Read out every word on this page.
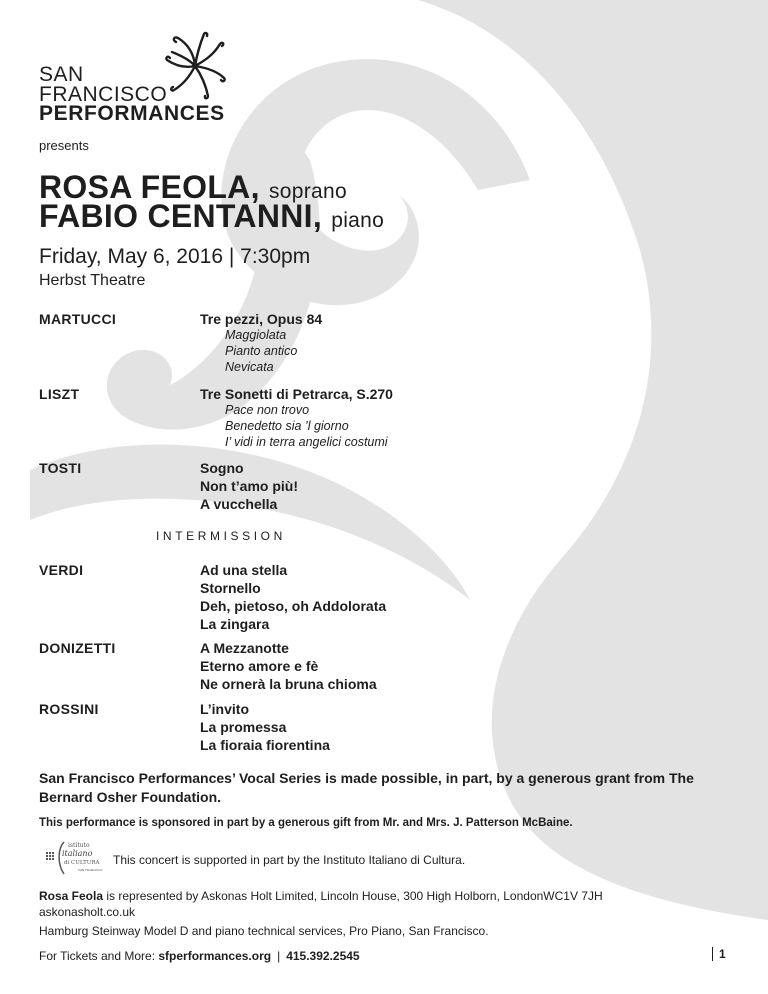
SAN
FRANCISCO
PERFORMANCES
presents
ROSA FEOLA, soprano
FABIO CENTANNI, piano
Friday, May 6, 2016 | 7:30pm
Herbst Theatre
MARTUCCI	Tre pezzi, Opus 84
Maggiolata
Pianto antico
Nevicata
LISZT	Tre Sonetti di Petrarca, S.270
Pace non trovo
Benedetto sia ’l giorno
I’ vidi in terra angelici costumi
TOSTI	Sogno
Non t’amo più!
A vucchella
INTERMISSION
VERDI	Ad una stella
Stornello
Deh, pietoso, oh Addolorata
La zingara
DONIZETTI	A Mezzanotte
Eterno amore e fè
Ne ornerà la bruna chioma
ROSSINI	L’invito
La promessa
La fioraia fiorentina
San Francisco Performances’ Vocal Series is made possible, in part, by a generous grant from The Bernard Osher Foundation.
This performance is sponsored in part by a generous gift from Mr. and Mrs. J. Patterson McBaine.
istituto
italiano
di CULTURA
SAN FRANCISCO
This concert is supported in part by the Instituto Italiano di Cultura.
Rosa Feola is represented by Askonas Holt Limited, Lincoln House, 300 High Holborn, LondonWC1V 7JH
askonasholt.co.uk
Hamburg Steinway Model D and piano technical services, Pro Piano, San Francisco.
For Tickets and More: sfperformances.org | 415.392.2545	1
